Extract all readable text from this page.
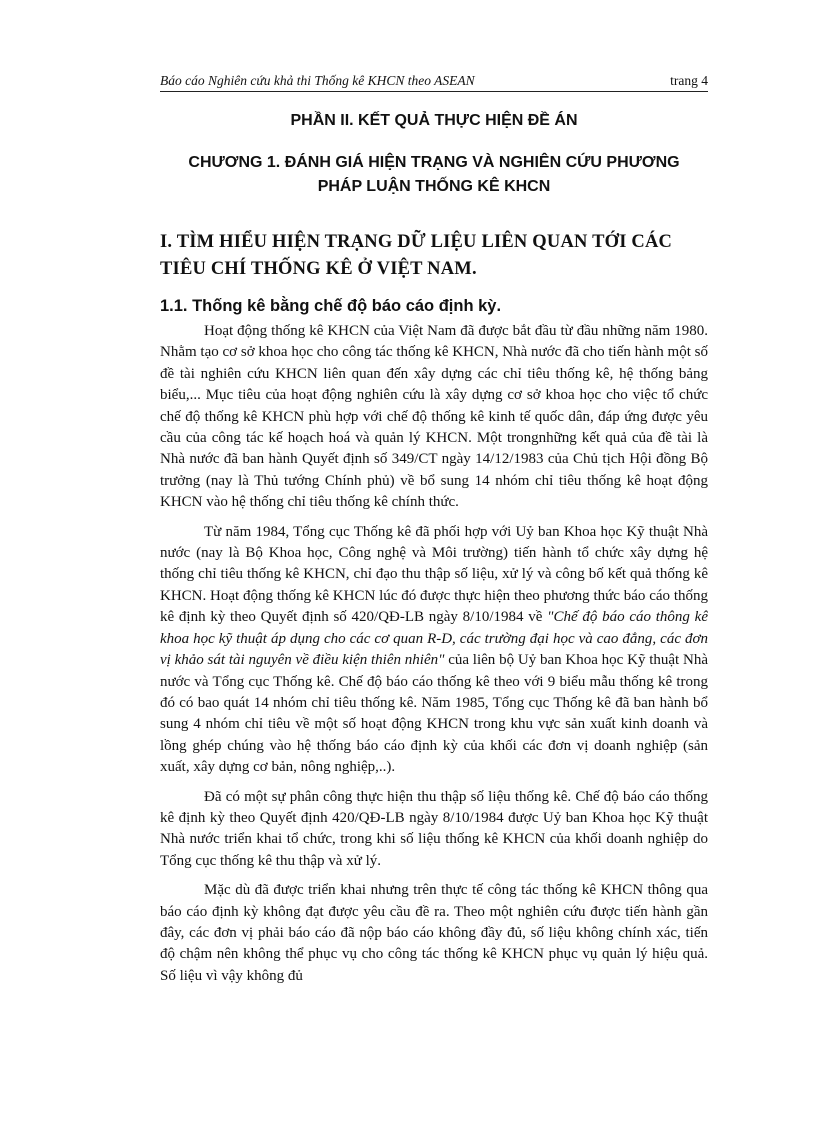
Báo cáo Nghiên cứu khả thi Thống kê KHCN theo ASEAN	trang 4
PHẦN II. KẾT QUẢ THỰC HIỆN ĐỀ ÁN
CHƯƠNG 1. ĐÁNH GIÁ HIỆN TRẠNG VÀ NGHIÊN CỨU PHƯƠNG PHÁP LUẬN THỐNG KÊ KHCN
I. TÌM HIỂU HIỆN TRẠNG DỮ LIỆU LIÊN QUAN TỚI CÁC TIÊU CHÍ THỐNG KÊ Ở VIỆT NAM.
1.1. Thống kê bằng chế độ báo cáo định kỳ.

Hoạt động thống kê KHCN của Việt Nam đã được bắt đầu từ đầu những năm 1980. Nhằm tạo cơ sở khoa học cho công tác thống kê KHCN, Nhà nước đã cho tiến hành một số đề tài nghiên cứu KHCN liên quan đến xây dựng các chỉ tiêu thống kê, hệ thống bảng biểu,... Mục tiêu của hoạt động nghiên cứu là xây dựng cơ sở khoa học cho việc tổ chức chế độ thống kê KHCN phù hợp với chế độ thống kê kinh tế quốc dân, đáp ứng được yêu cầu của công tác kế hoạch hoá và quản lý KHCN. Một trongnhững kết quả của đề tài là Nhà nước đã ban hành Quyết định số 349/CT ngày 14/12/1983 của Chủ tịch Hội đồng Bộ trưởng (nay là Thủ tướng Chính phủ) về bổ sung 14 nhóm chỉ tiêu thống kê hoạt động KHCN vào hệ thống chỉ tiêu thống kê chính thức.

Từ năm 1984, Tổng cục Thống kê đã phối hợp với Uỷ ban Khoa học Kỹ thuật Nhà nước (nay là Bộ Khoa học, Công nghệ và Môi trường) tiến hành tổ chức xây dựng hệ thống chỉ tiêu thống kê KHCN, chỉ đạo thu thập số liệu, xử lý và công bố kết quả thống kê KHCN. Hoạt động thống kê KHCN lúc đó được thực hiện theo phương thức báo cáo thống kê định kỳ theo Quyết định số 420/QĐ-LB ngày 8/10/1984 về "Chế độ báo cáo thông kê khoa học kỹ thuật áp dụng cho các cơ quan R-D, các trường đại học và cao đẳng, các đơn vị khảo sát tài nguyên về điều kiện thiên nhiên" của liên bộ Uỷ ban Khoa học Kỹ thuật Nhà nước và Tổng cục Thống kê. Chế độ báo cáo thống kê theo với 9 biểu mẫu thống kê trong đó có bao quát 14 nhóm chỉ tiêu thống kê. Năm 1985, Tổng cục Thống kê đã ban hành bổ sung 4 nhóm chỉ tiêu về một số hoạt động KHCN trong khu vực sản xuất kinh doanh và lồng ghép chúng vào hệ thống báo cáo định kỳ của khối các đơn vị doanh nghiệp (sản xuất, xây dựng cơ bản, nông nghiệp,..).

Đã có một sự phân công thực hiện thu thập số liệu thống kê. Chế độ báo cáo thống kê định kỳ theo Quyết định 420/QĐ-LB ngày 8/10/1984 được Uỷ ban Khoa học Kỹ thuật Nhà nước triển khai tổ chức, trong khi số liệu thống kê KHCN của khối doanh nghiệp do Tổng cục thống kê thu thập và xử lý.

Mặc dù đã được triển khai nhưng trên thực tế công tác thống kê KHCN thông qua báo cáo định kỳ không đạt được yêu cầu đề ra. Theo một nghiên cứu được tiến hành gần đây, các đơn vị phải báo cáo đã nộp báo cáo không đầy đủ, số liệu không chính xác, tiến độ chậm nên không thể phục vụ cho công tác thống kê KHCN phục vụ quản lý hiệu quả. Số liệu vì vậy không đủ
